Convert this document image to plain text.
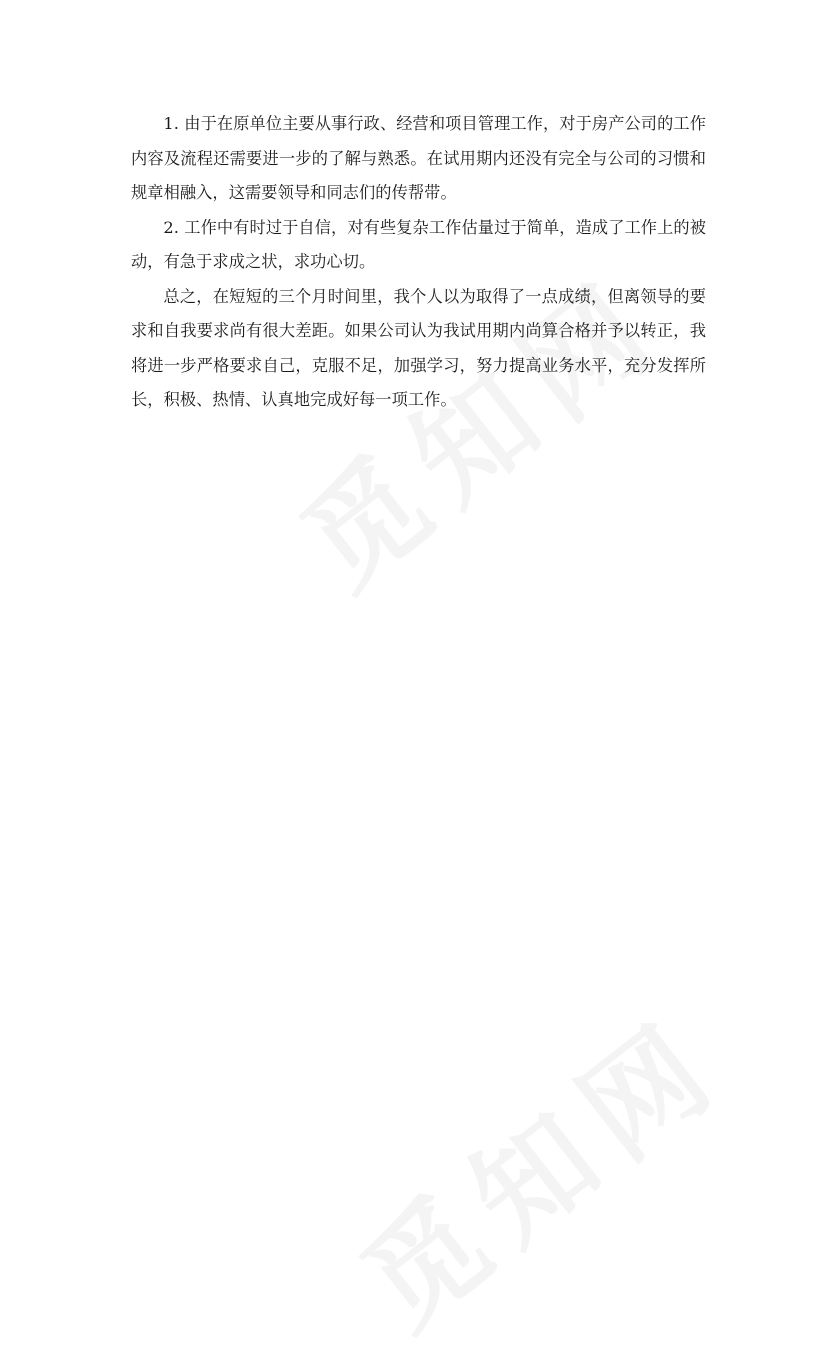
1. 由于在原单位主要从事行政、经营和项目管理工作，对于房产公司的工作内容及流程还需要进一步的了解与熟悉。在试用期内还没有完全与公司的习惯和规章相融入，这需要领导和同志们的传帮带。

2. 工作中有时过于自信，对有些复杂工作估量过于简单，造成了工作上的被动，有急于求成之状，求功心切。

总之，在短短的三个月时间里，我个人以为取得了一点成绩，但离领导的要求和自我要求尚有很大差距。如果公司认为我试用期内尚算合格并予以转正，我将进一步严格要求自己，克服不足，加强学习，努力提高业务水平，充分发挥所长，积极、热情、认真地完成好每一项工作。
